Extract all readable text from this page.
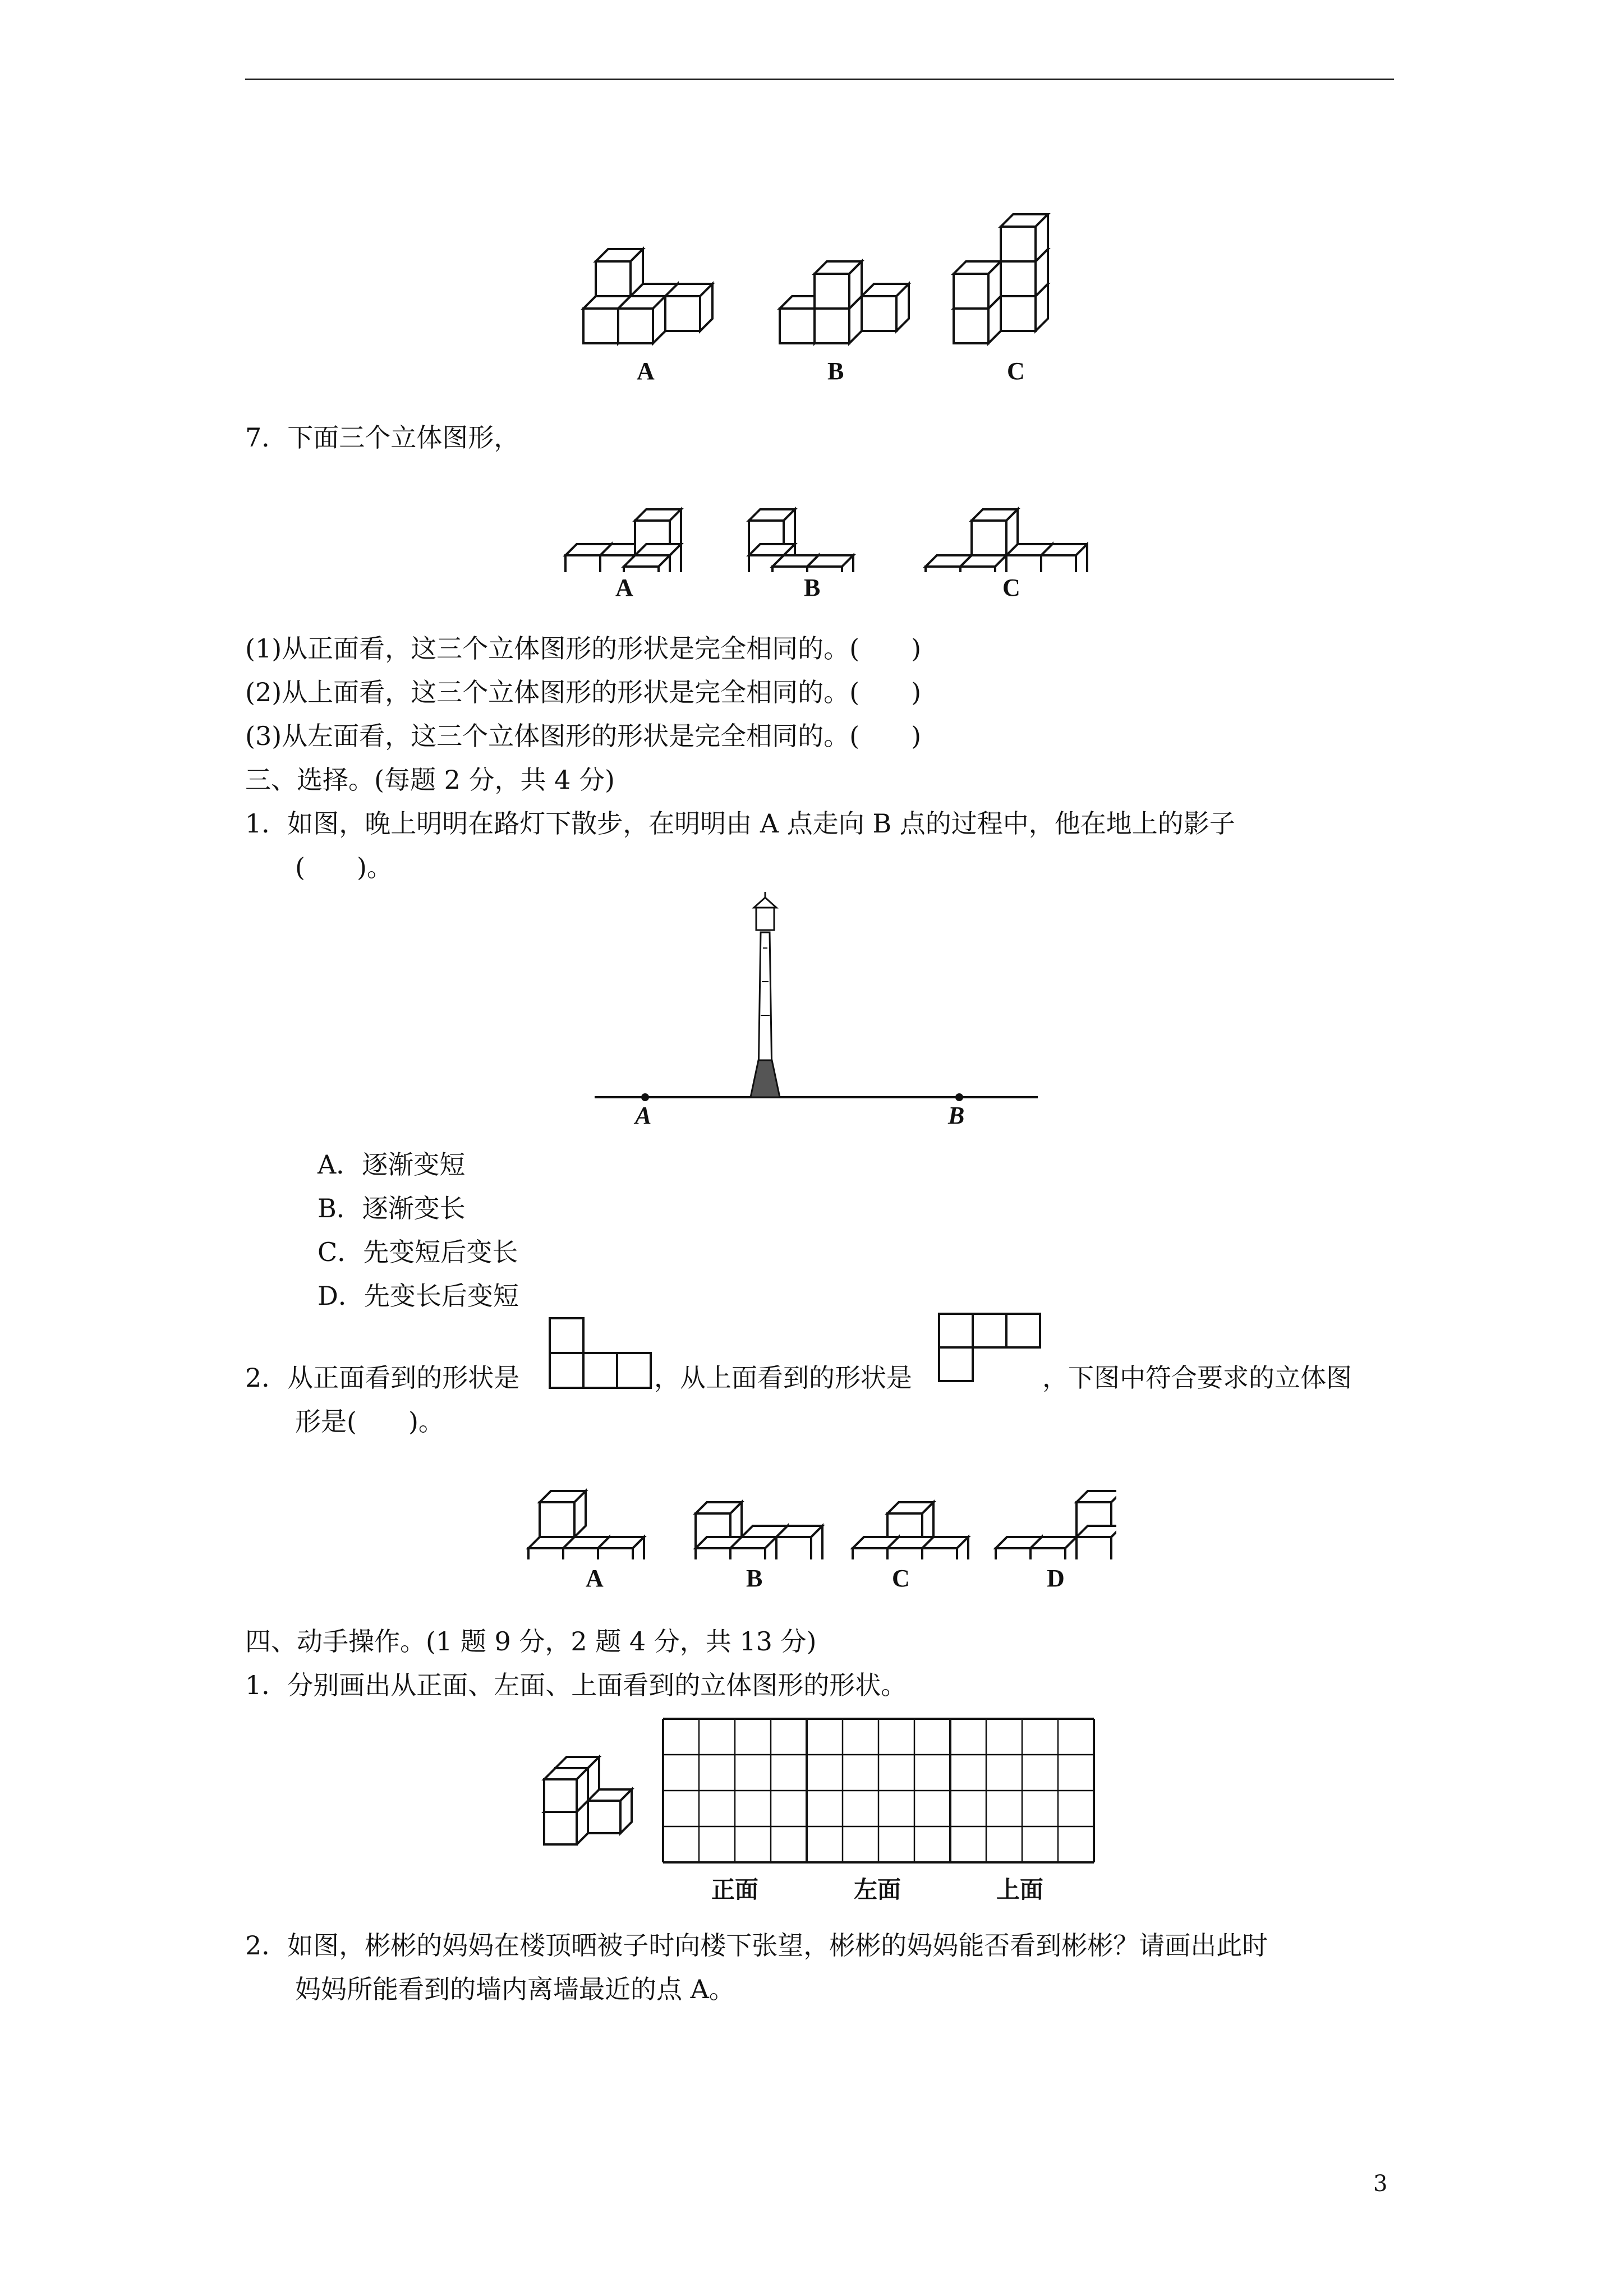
A	B	C
7．下面三个立体图形，
A	B	C
(1)从正面看，这三个立体图形的形状是完全相同的。(　　)
(2)从上面看，这三个立体图形的形状是完全相同的。(　　)
(3)从左面看，这三个立体图形的形状是完全相同的。(　　)
三、选择。(每题 2 分，共 4 分)
1．如图，晚上明明在路灯下散步，在明明由 A 点走向 B 点的过程中，他在地上的影子
(　　)。
A	B
A．逐渐变短
B．逐渐变长
C．先变短后变长
D．先变长后变短
2．从正面看到的形状是	，从上面看到的形状是	，下图中符合要求的立体图
形是(　　)。
A	B	C	D
四、动手操作。(1 题 9 分，2 题 4 分，共 13 分)
1．分别画出从正面、左面、上面看到的立体图形的形状。
正面	左面	上面
2．如图，彬彬的妈妈在楼顶晒被子时向楼下张望，彬彬的妈妈能否看到彬彬？请画出此时
妈妈所能看到的墙内离墙最近的点 A。
3
